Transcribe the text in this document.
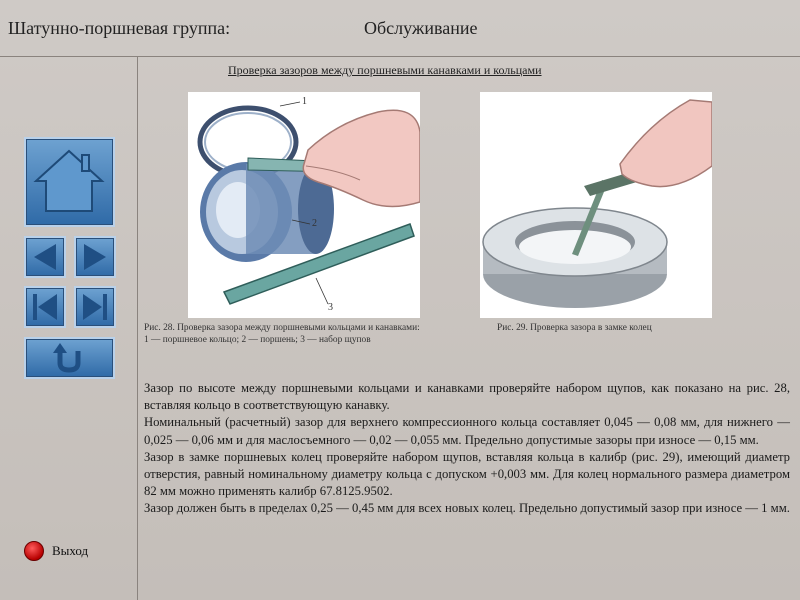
Шатунно-поршневая группа:	Обслуживание
Выход
Проверка зазоров между поршневыми канавками и кольцами
1
2
3
Рис. 28. Проверка зазора между поршневыми кольцами и канавками: 1 — поршневое кольцо; 2 — поршень; 3 — набор щупов
Рис. 29. Проверка зазора в замке колец

Зазор по высоте между поршневыми кольцами и канавками проверяйте набором щупов, как показано на рис. 28, вставляя кольцо в соответствующую канавку.

Номинальный (расчетный) зазор для верхнего компрессионного кольца составляет 0,045 — 0,08 мм, для нижнего — 0,025 — 0,06 мм и для маслосъемного — 0,02 — 0,055 мм. Предельно допустимые зазоры при износе — 0,15 мм.

Зазор в замке поршневых колец проверяйте набором щупов, вставляя кольца в калибр (рис. 29), имеющий диаметр отверстия, равный номинальному диаметру кольца с допуском +0,003 мм. Для колец нормального размера диаметром 82 мм можно применять калибр 67.8125.9502.

Зазор должен быть в пределах 0,25 — 0,45 мм для всех новых колец. Предельно допустимый зазор при износе — 1 мм.
